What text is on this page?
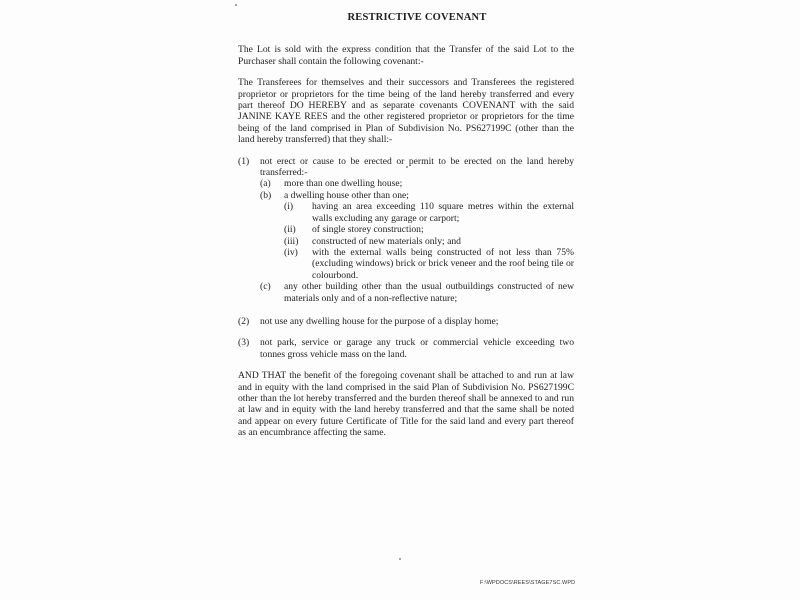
RESTRICTIVE COVENANT
The Lot is sold with the express condition that the Transfer of the said Lot to the Purchaser shall contain the following covenant:-
The Transferees for themselves and their successors and Transferees the registered proprietor or proprietors for the time being of the land hereby transferred and every part thereof DO HEREBY and as separate covenants COVENANT with the said JANINE KAYE REES and the other registered proprietor or proprietors for the time being of the land comprised in Plan of Subdivision No. PS627199C (other than the land hereby transferred) that they shall:-
(1) not erect or cause to be erected or permit to be erected on the land hereby transferred:-
(a) more than one dwelling house;
(b) a dwelling house other than one;
(i) having an area exceeding 110 square metres within the external walls excluding any garage or carport;
(ii) of single storey construction;
(iii) constructed of new materials only; and
(iv) with the external walls being constructed of not less than 75% (excluding windows) brick or brick veneer and the roof being tile or colourbond.
(c) any other building other than the usual outbuildings constructed of new materials only and of a non-reflective nature;
(2) not use any dwelling house for the purpose of a display home;
(3) not park, service or garage any truck or commercial vehicle exceeding two tonnes gross vehicle mass on the land.
AND THAT the benefit of the foregoing covenant shall be attached to and run at law and in equity with the land comprised in the said Plan of Subdivision No. PS627199C other than the lot hereby transferred and the burden thereof shall be annexed to and run at law and in equity with the land hereby transferred and that the same shall be noted and appear on every future Certificate of Title for the said land and every part thereof as an encumbrance affecting the same.
F:\WPDOCS\REES\STAGE7SC.WPD
